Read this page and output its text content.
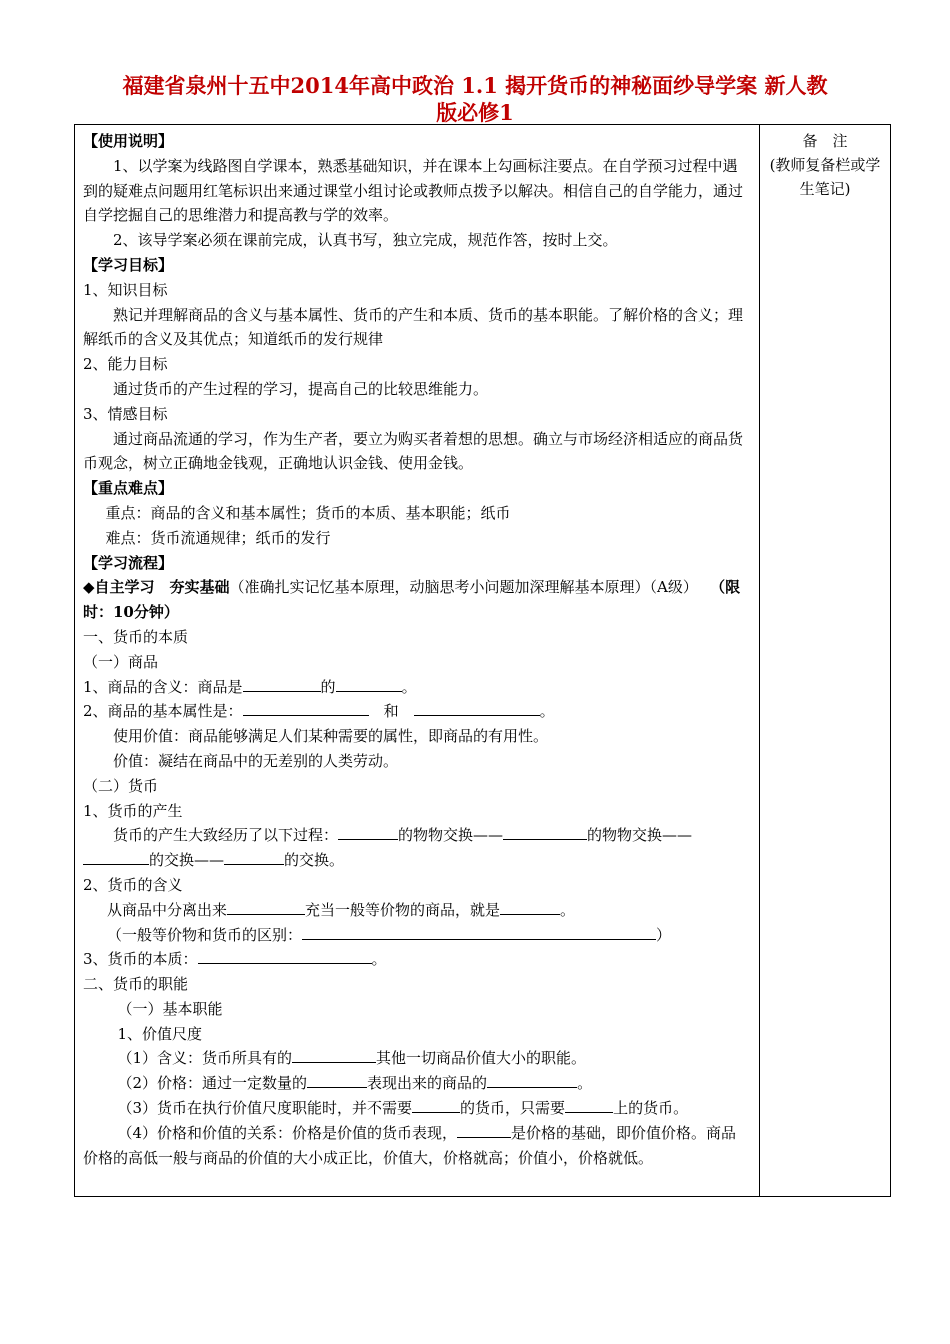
福建省泉州十五中2014年高中政治 1.1 揭开货币的神秘面纱导学案 新人教
版必修1

【使用说明】

1、以学案为线路图自学课本，熟悉基础知识，并在课本上勾画标注要点。在自学预习过程中遇到的疑难点问题用红笔标识出来通过课堂小组讨论或教师点拨予以解决。相信自己的自学能力，通过自学挖掘自己的思维潜力和提高教与学的效率。

2、该导学案必须在课前完成，认真书写，独立完成，规范作答，按时上交。

【学习目标】

1、知识目标

熟记并理解商品的含义与基本属性、货币的产生和本质、货币的基本职能。了解价格的含义；理解纸币的含义及其优点；知道纸币的发行规律

2、能力目标

通过货币的产生过程的学习，提高自己的比较思维能力。

3、情感目标

通过商品流通的学习，作为生产者，要立为购买者着想的思想。确立与市场经济相适应的商品货币观念，树立正确地金钱观，正确地认识金钱、使用金钱。

【重点难点】

重点：商品的含义和基本属性；货币的本质、基本职能；纸币

难点：货币流通规律；纸币的发行

【学习流程】

◆自主学习　夯实基础（准确扎实记忆基本原理，动脑思考小问题加深理解基本原理）（A级）　 （限时：10分钟）

一、货币的本质

（一）商品

1、商品的含义：商品是	的	。

2、商品的基本属性是：　	和　	。

使用价值：商品能够满足人们某种需要的属性，即商品的有用性。

价值：凝结在商品中的无差别的人类劳动。

（二）货币

1、货币的产生

货币的产生大致经历了以下过程：	的物物交换——	的物物交换——的交换——	的交换。

2、货币的含义

从商品中分离出来	充当一般等价物的商品，就是	。

（一般等价物和货币的区别：	）

3、货币的本质：	。

二、货币的职能

（一）基本职能

1、价值尺度

（1）含义：货币所具有的	其他一切商品价值大小的职能。

（2）价格：通过一定数量的	表现出来的商品的	。

（3）货币在执行价值尺度职能时，并不需要	的货币，只需要	上的货币。

（4）价格和价值的关系：价格是价值的货币表现，	是价格的基础，即价值价格。商品价格的高低一般与商品的价值的大小成正比，价值大，价格就高；价值小，价格就低。

备　注
(教师复备栏或学生笔记)
